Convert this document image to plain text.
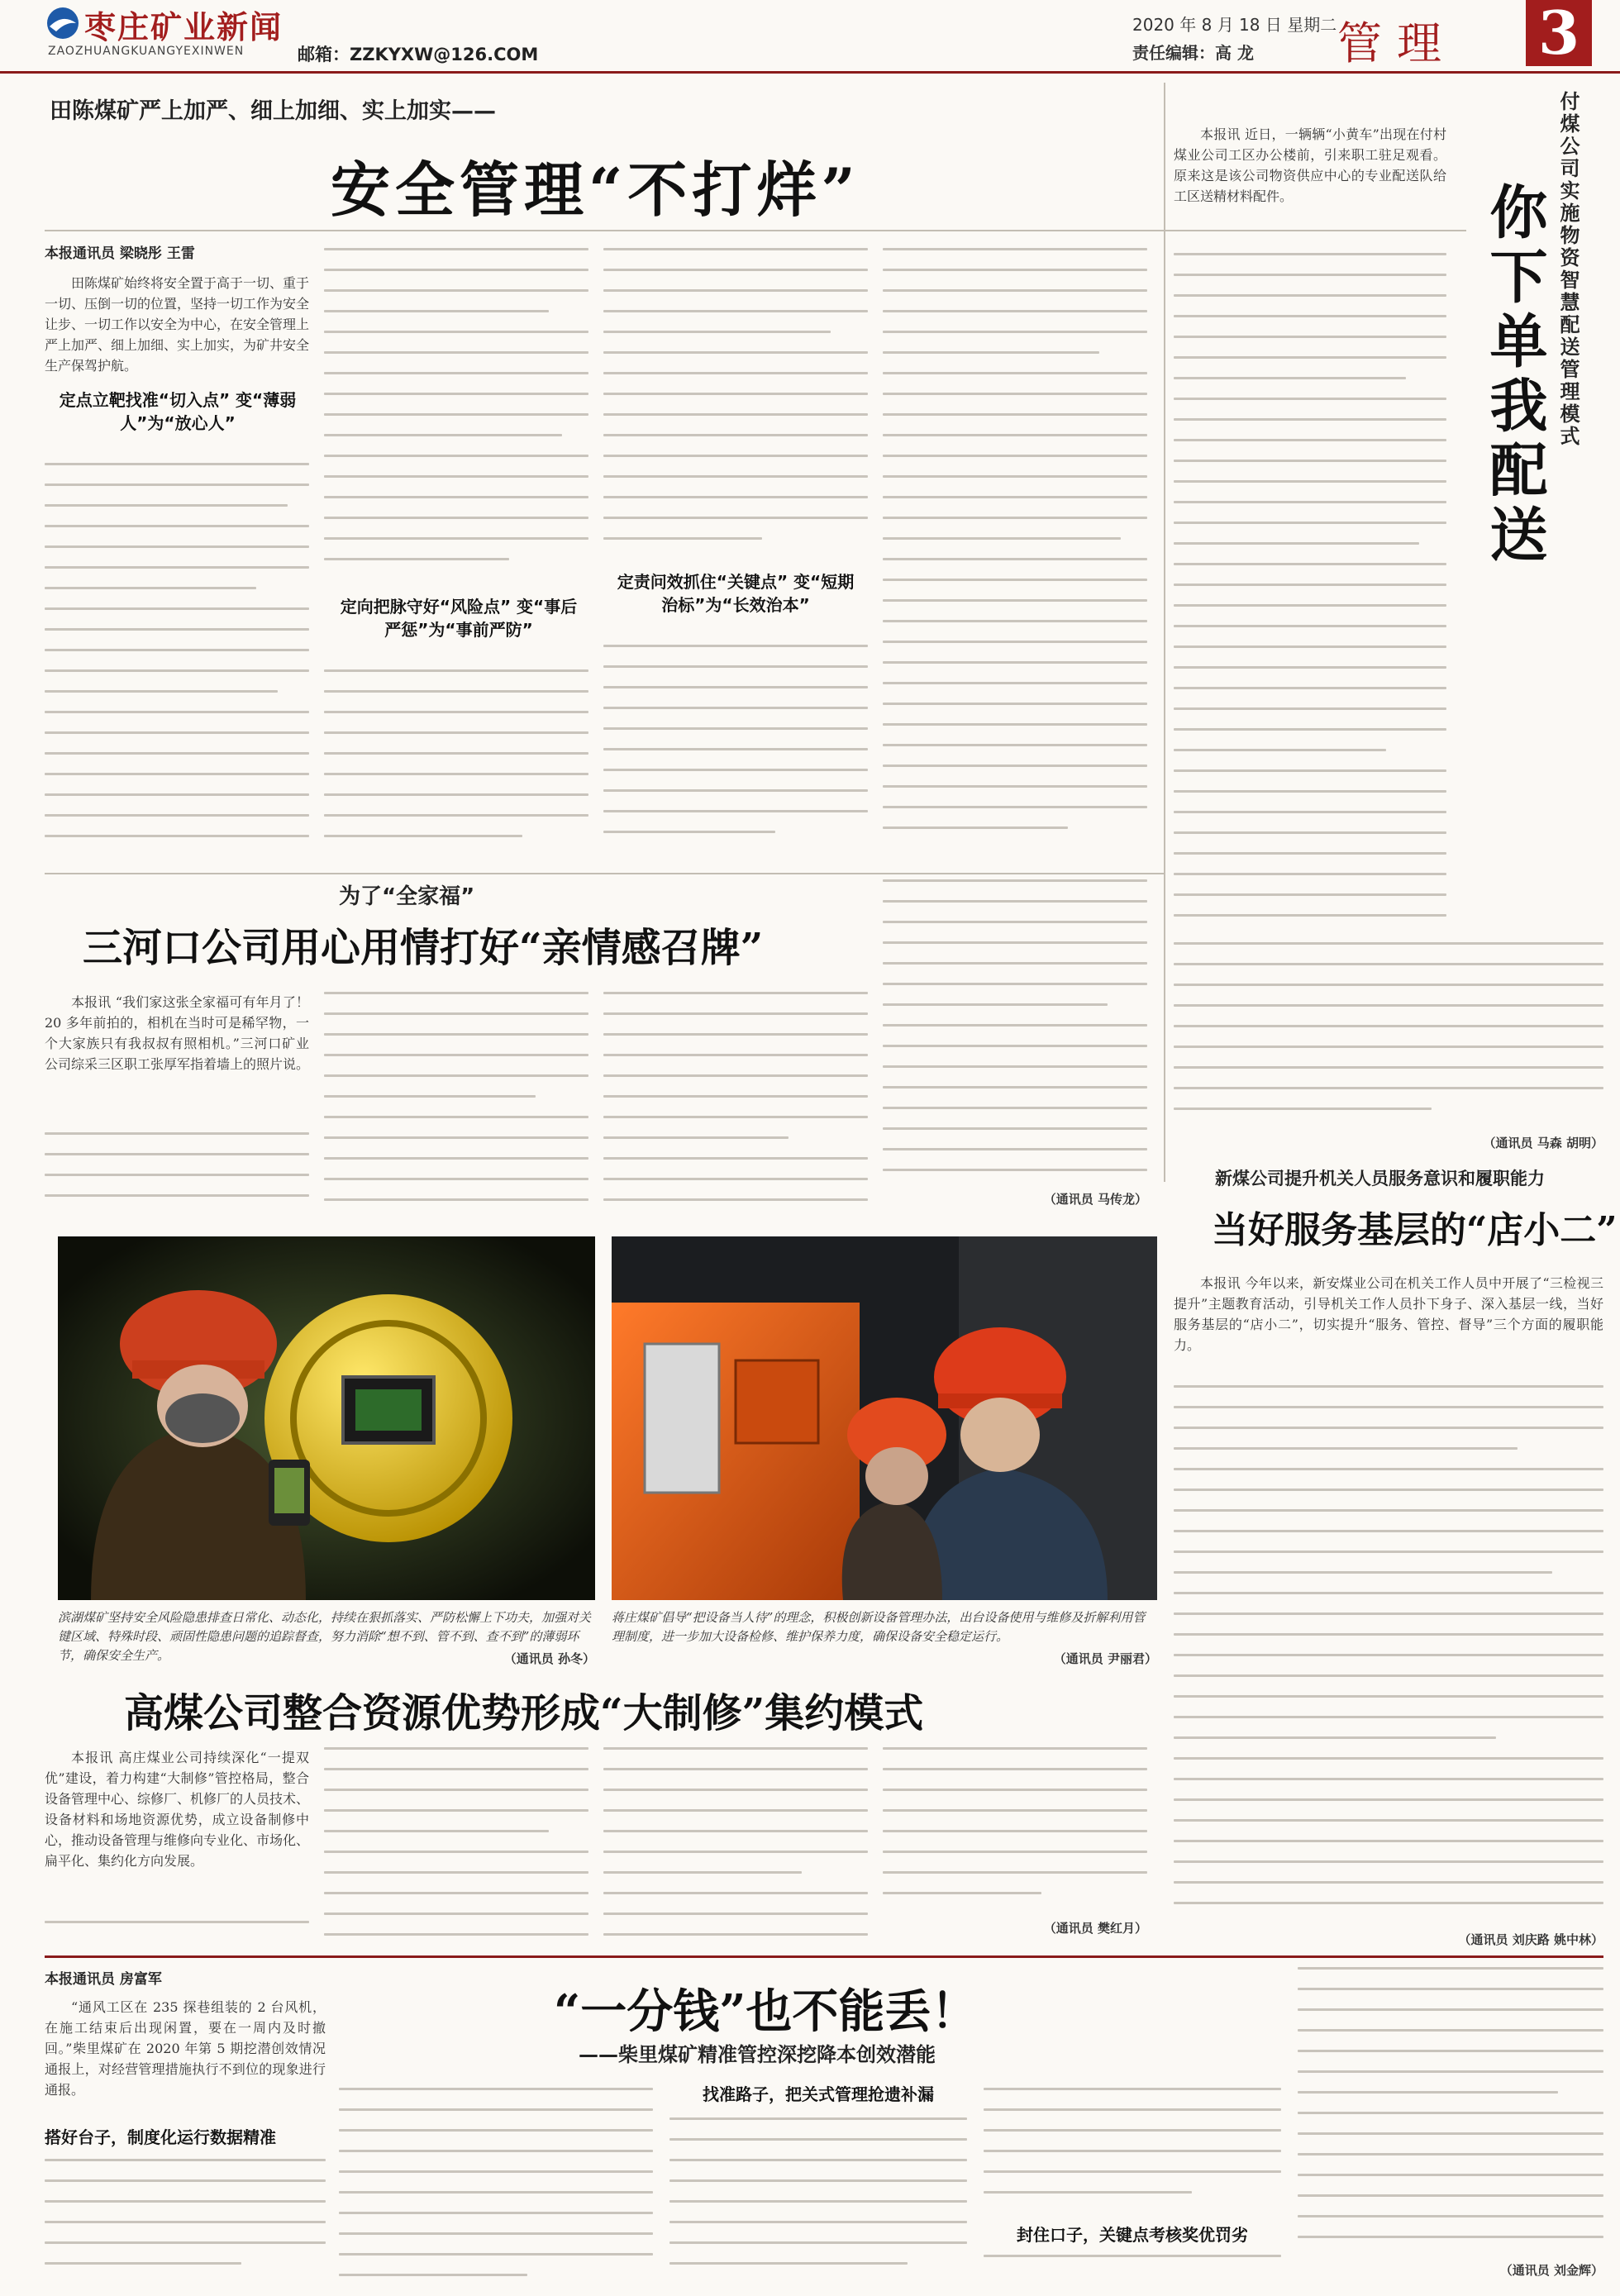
枣庄矿业新闻
ZAOZHUANGKUANGYEXINWEN	邮箱：ZZKYXW@126.COM
2020 年 8 月 18 日 星期二
责任编辑：高 龙 管理 3
田陈煤矿严上加严、细上加细、实上加实——
安全管理“不打烊”
本报通讯员 梁晓彤 王雷

田陈煤矿始终将安全置于高于一切、重于一切、压倒一切的位置，坚持一切工作为安全让步、一切工作以安全为中心，在安全管理上严上加严、细上加细、实上加实，为矿井安全生产保驾护航。

定点立靶找准“切入点” 变“薄弱人”为“放心人”
定向把脉守好“风险点” 变“事后严惩”为“事前严防”
定责问效抓住“关键点” 变“短期治标”为“长效治本”

本报讯 近日，一辆辆“小黄车”出现在付村煤业公司工区办公楼前，引来职工驻足观看。原来这是该公司物资供应中心的专业配送队给工区送精材料配件。	付煤公司实施物资智慧配送管理模式
你下单我配送
（通讯员 马森 胡明）
新煤公司提升机关人员服务意识和履职能力
当好服务基层的“店小二”

本报讯 今年以来，新安煤业公司在机关工作人员中开展了“三检视三提升”主题教育活动，引导机关工作人员扑下身子、深入基层一线，当好服务基层的“店小二”，切实提升“服务、管控、督导”三个方面的履职能力。

（通讯员 刘庆路 姚中林）
为了“全家福”
三河口公司用心用情打好“亲情感召牌”

本报讯 “我们家这张全家福可有年月了！20 多年前拍的，相机在当时可是稀罕物，一个大家族只有我叔叔有照相机。”三河口矿业公司综采三区职工张厚军指着墙上的照片说。

（通讯员 马传龙）
滨湖煤矿坚持安全风险隐患排查日常化、动态化，持续在狠抓落实、严防松懈上下功夫，加强对关键区域、特殊时段、顽固性隐患问题的追踪督查，努力消除“想不到、管不到、查不到”的薄弱环节，确保安全生产。	（通讯员 孙冬）
蒋庄煤矿倡导“把设备当人待”的理念，积极创新设备管理办法，出台设备使用与维修及折解利用管理制度，进一步加大设备检修、维护保养力度，确保设备安全稳定运行。
（通讯员 尹丽君）
高煤公司整合资源优势形成“大制修”集约模式

本报讯 高庄煤业公司持续深化“一提双优”建设，着力构建“大制修”管控格局，整合设备管理中心、综修厂、机修厂的人员技术、设备材料和场地资源优势，成立设备制修中心，推动设备管理与维修向专业化、市场化、扁平化、集约化方向发展。

（通讯员 樊红月）
本报通讯员 房富军
“一分钱”也不能丢！
——柴里煤矿精准管控深挖降本创效潜能

“通风工区在 235 探巷组装的 2 台风机，在施工结束后出现闲置，要在一周内及时撤回。”柴里煤矿在 2020 年第 5 期挖潜创效情况通报上，对经营管理措施执行不到位的现象进行通报。

搭好台子，制度化运行数据精准
找准路子，把关式管理抢遗补漏
封住口子，关键点考核奖优罚劣
（通讯员 刘金辉）
